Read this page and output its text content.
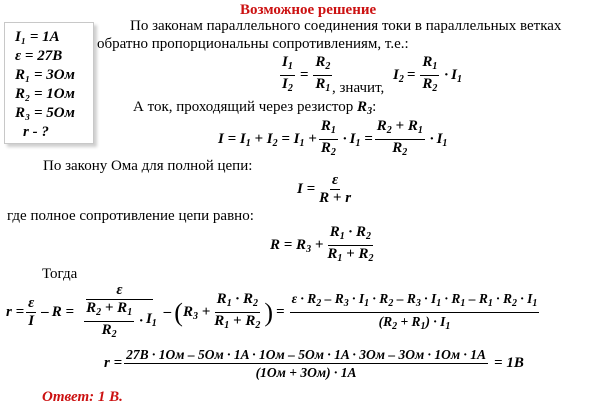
Возможное решение
I₁ = 1A
ε = 27B
R₁ = 3Ом
R₂ = 1Ом
R₃ = 5Ом
r - ?
По законам параллельного соединения токи в параллельных ветках
обратно пропорциональны сопротивлениям, т.е.:
$\frac{I_1}{I_2} = \frac{R_2}{R_1}$ , значит,
$I_2 = \frac{R_1}{R_2} \cdot I_1$
А ток, проходящий через резистор $R_3$:
$I = I_1 + I_2 = I_1 + \frac{R_1}{R_2} \cdot I_1 = \frac{R_2 + R_1}{R_2} \cdot I_1$
По закону Ома для полной цепи:
$I = \frac{\varepsilon}{R + r}$
где полное сопротивление цепи равно:
$R = R_3 + \frac{R_1 \cdot R_2}{R_1 + R_2}$
Тогда
$r = \frac{\varepsilon}{I} - R = \varepsilon$
$R_2 + R_1$
$R_2$
· $I_1$ – ( $R_3 + \frac{R_1 \cdot R_2}{R_1 + R_2}$ ) = $\frac{\varepsilon \cdot R_2 - R_3 \cdot I_1 \cdot R_2 - R_3 \cdot I_1 \cdot R_1 - R_1 \cdot R_2 \cdot I_1}{(R_2 + R_1) \cdot I_1}$
r =
27B · 1Ом – 5Ом · 1A · 1Ом – 5Ом · 1A · 3Ом – 3Ом · 1Ом · 1A
(1Ом + 3Ом) · 1A
= 1В
Ответ: 1 В.
